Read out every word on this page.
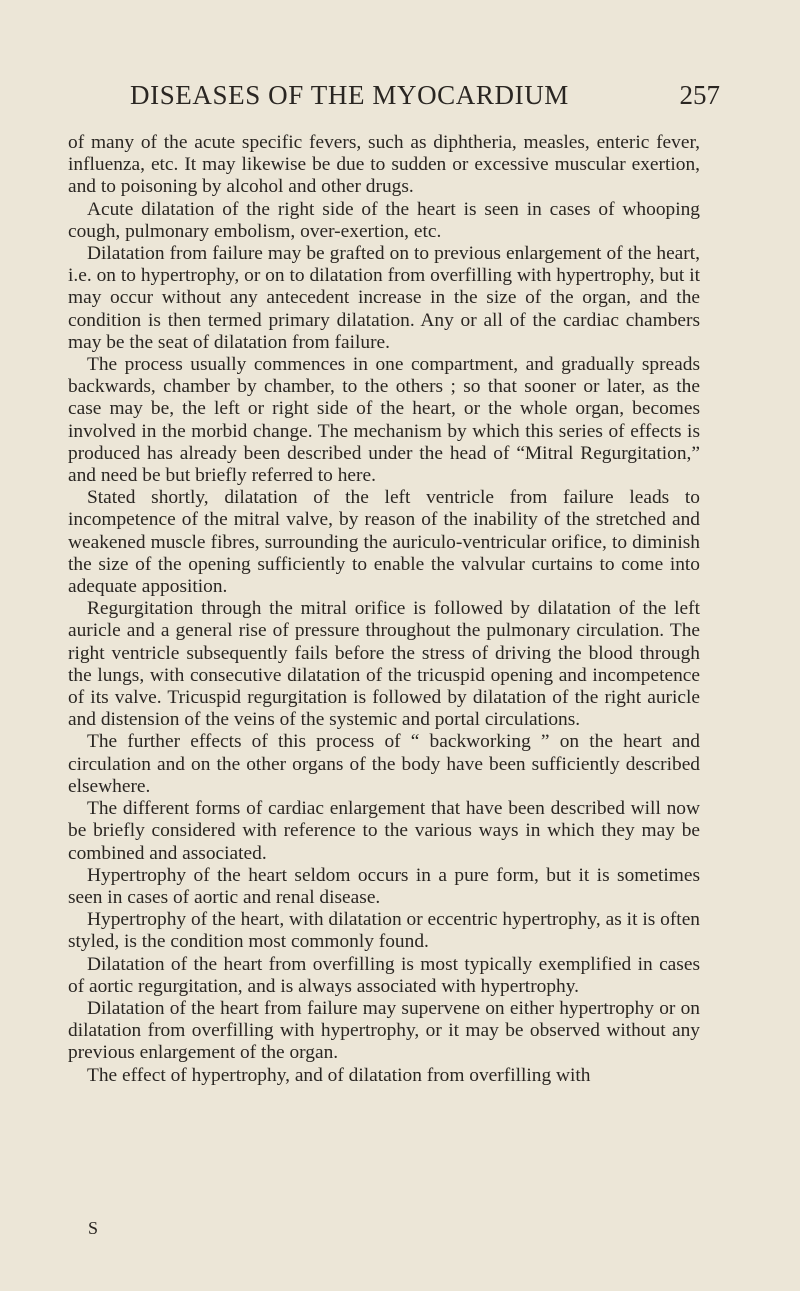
DISEASES OF THE MYOCARDIUM	257

of many of the acute specific fevers, such as diphtheria, measles, enteric fever, influenza, etc. It may likewise be due to sudden or excessive muscular exertion, and to poisoning by alcohol and other drugs.

Acute dilatation of the right side of the heart is seen in cases of whooping cough, pulmonary embolism, over-exertion, etc.

Dilatation from failure may be grafted on to previous enlargement of the heart, i.e. on to hypertrophy, or on to dilatation from overfilling with hypertrophy, but it may occur without any antecedent increase in the size of the organ, and the condition is then termed primary dilatation. Any or all of the cardiac chambers may be the seat of dilatation from failure.

The process usually commences in one compartment, and gradually spreads backwards, chamber by chamber, to the others ; so that sooner or later, as the case may be, the left or right side of the heart, or the whole organ, becomes involved in the morbid change. The mechanism by which this series of effects is produced has already been described under the head of “Mitral Regurgitation,” and need be but briefly referred to here.

Stated shortly, dilatation of the left ventricle from failure leads to incompetence of the mitral valve, by reason of the inability of the stretched and weakened muscle fibres, surrounding the auriculo-ventricular orifice, to diminish the size of the opening sufficiently to enable the valvular curtains to come into adequate apposition.

Regurgitation through the mitral orifice is followed by dilatation of the left auricle and a general rise of pressure throughout the pulmonary circulation. The right ventricle subsequently fails before the stress of driving the blood through the lungs, with consecutive dilatation of the tricuspid opening and incompetence of its valve. Tricuspid regurgitation is followed by dilatation of the right auricle and distension of the veins of the systemic and portal circulations.

The further effects of this process of “ backworking ” on the heart and circulation and on the other organs of the body have been sufficiently described elsewhere.

The different forms of cardiac enlargement that have been described will now be briefly considered with reference to the various ways in which they may be combined and associated.

Hypertrophy of the heart seldom occurs in a pure form, but it is sometimes seen in cases of aortic and renal disease.

Hypertrophy of the heart, with dilatation or eccentric hypertrophy, as it is often styled, is the condition most commonly found.

Dilatation of the heart from overfilling is most typically exemplified in cases of aortic regurgitation, and is always associated with hypertrophy.

Dilatation of the heart from failure may supervene on either hypertrophy or on dilatation from overfilling with hypertrophy, or it may be observed without any previous enlargement of the organ.

The effect of hypertrophy, and of dilatation from overfilling with

S
